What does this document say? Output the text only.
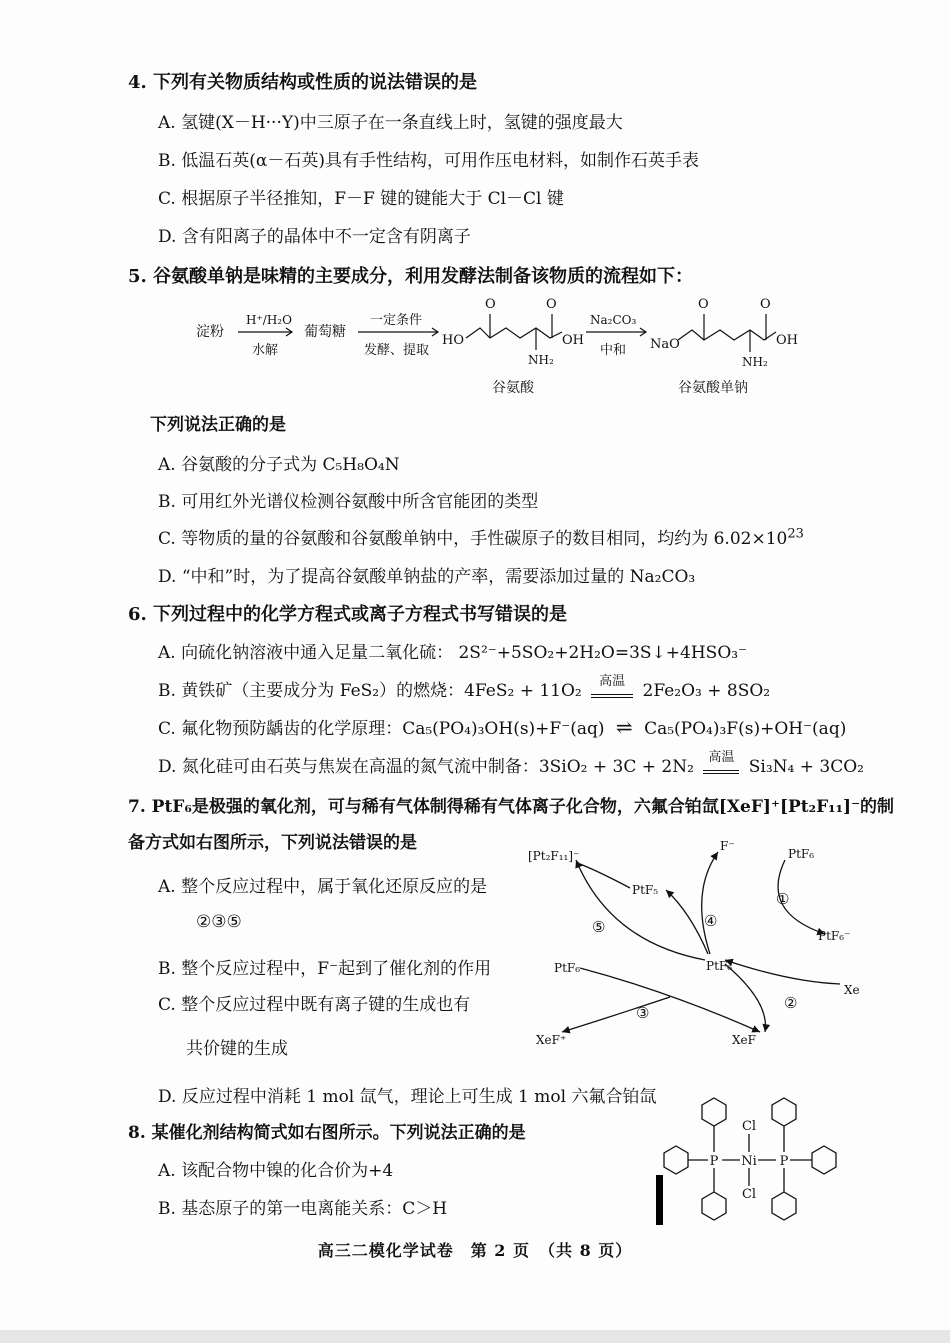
4. 下列有关物质结构或性质的说法错误的是
A. 氢键(X－H···Y)中三原子在一条直线上时，氢键的强度最大
B. 低温石英(α－石英)具有手性结构，可用作压电材料，如制作石英手表
C. 根据原子半径推知，F－F 键的键能大于 Cl－Cl 键
D. 含有阳离子的晶体中不一定含有阴离子
5. 谷氨酸单钠是味精的主要成分，利用发酵法制备该物质的流程如下：
淀粉
H⁺/H₂O
水解
葡萄糖
一定条件
发酵、提取
HO
O	O
OH
NH₂
Na₂CO₃
中和 NaO
O	O
OH
NH₂
谷氨酸	谷氨酸单钠
下列说法正确的是
A. 谷氨酸的分子式为 C₅H₈O₄N
B. 可用红外光谱仪检测谷氨酸中所含官能团的类型
C. 等物质的量的谷氨酸和谷氨酸单钠中，手性碳原子的数目相同，均约为 $6.02\times 10^{23}$
D. “中和”时，为了提高谷氨酸单钠盐的产率，需要添加过量的 Na₂CO₃
6. 下列过程中的化学方程式或离子方程式书写错误的是
A. 向硫化钠溶液中通入足量二氧化硫： 2S²⁻+5SO₂+2H₂O=3S↓+4HSO₃⁻
B. 黄铁矿（主要成分为 FeS₂）的燃烧：4FeS₂ + 11O₂ $^{高温}$ 2Fe₂O₃ + 8SO₂
C. 氟化物预防龋齿的化学原理：Ca₅(PO₄)₃OH(s)+F⁻(aq) ⇌ Ca₅(PO₄)₃F(s)+OH⁻(aq)
D. 氮化硅可由石英与焦炭在高温的氮气流中制备：3SiO₂ + 3C + 2N₂ $^{高温}$ Si₃N₄ + 3CO₂
7. PtF₆是极强的氧化剂，可与稀有气体制得稀有气体离子化合物，六氟合铂氙[XeF]⁺[Pt₂F₁₁]⁻的制
备方式如右图所示，下列说法错误的是
A. 整个反应过程中，属于氧化还原反应的是
②③⑤
B. 整个反应过程中，F⁻起到了催化剂的作用
C. 整个反应过程中既有离子键的生成也有
共价键的生成
D. 反应过程中消耗 1 mol 氙气，理论上可生成 1 mol 六氟合铂氙
[Pt₂F₁₁]⁻
PtF₅
F⁻
PtF₆
PtF₆⁻
PtF₆
PtF₆
Xe
XeF
XeF⁺
①
②
③
④
⑤
8. 某催化剂结构简式如右图所示。下列说法正确的是
A. 该配合物中镍的化合价为+4
B. 基态原子的第一电离能关系：C＞H
P Ni P
Cl
Cl
高三二模化学试卷　第 2 页　（共 8 页）
